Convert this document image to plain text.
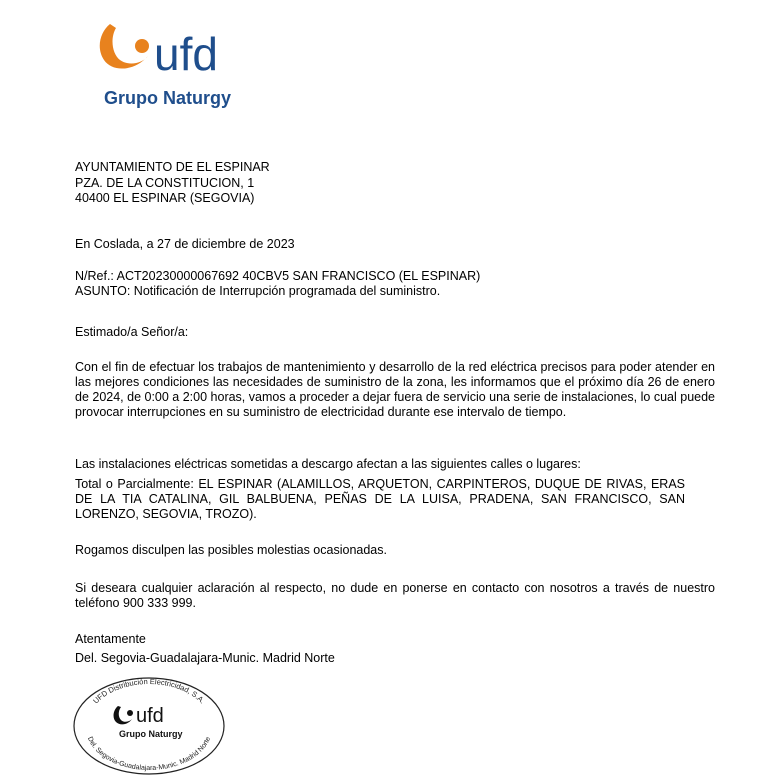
ufd
Grupo Naturgy

AYUNTAMIENTO DE EL ESPINAR

PZA. DE LA CONSTITUCION, 1

40400 EL ESPINAR (SEGOVIA)

En Coslada, a 27 de diciembre de 2023

N/Ref.: ACT20230000067692 40CBV5 SAN FRANCISCO (EL ESPINAR)

ASUNTO: Notificación de Interrupción programada del suministro.

Estimado/a Señor/a:

Con el fin de efectuar los trabajos de mantenimiento y desarrollo de la red eléctrica precisos para poder atender en las mejores condiciones las necesidades de suministro de la zona, les informamos que el próximo día 26 de enero de 2024, de 0:00 a 2:00 horas, vamos a proceder a dejar fuera de servicio una serie de instalaciones, lo cual puede provocar interrupciones en su suministro de electricidad durante ese intervalo de tiempo.

Las instalaciones eléctricas sometidas a descargo afectan a las siguientes calles o lugares:

Total o Parcialmente: EL ESPINAR (ALAMILLOS, ARQUETON, CARPINTEROS, DUQUE DE RIVAS, ERAS DE LA TIA CATALINA, GIL BALBUENA, PEÑAS DE LA LUISA, PRADENA, SAN FRANCISCO, SAN LORENZO, SEGOVIA, TROZO).

Rogamos disculpen las posibles molestias ocasionadas.

Si deseara cualquier aclaración al respecto, no dude en ponerse en contacto con nosotros a través de nuestro teléfono 900 333 999.

Atentamente

Del. Segovia-Guadalajara-Munic. Madrid Norte

UFD Distribución Electricidad, S.A.
ufd
Grupo Naturgy
Del. Segovia-Guadalajara-Munic. Madrid Norte
